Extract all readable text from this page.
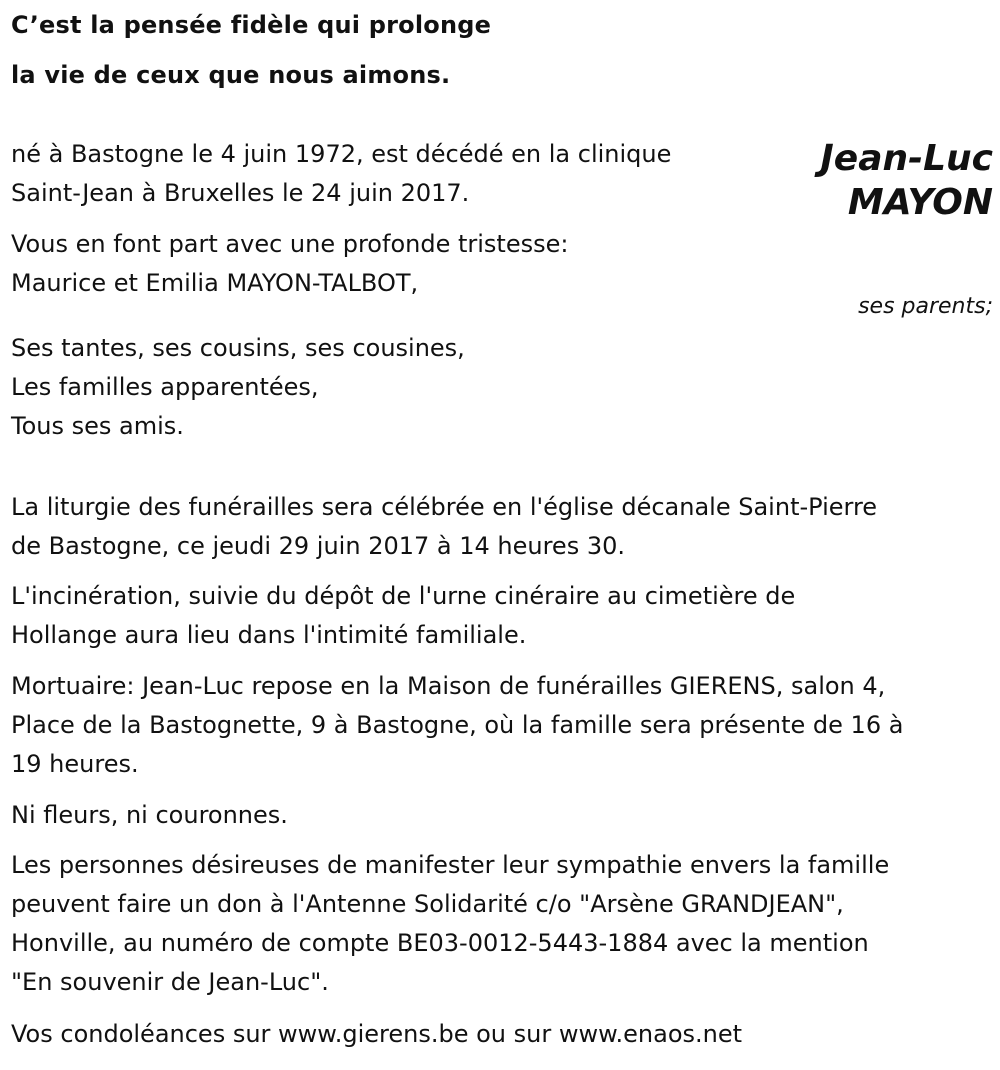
C’est la pensée fidèle qui prolonge
la vie de ceux que nous aimons.
Jean-Luc
MAYON
né à Bastogne le 4 juin 1972, est décédé en la clinique
Saint-Jean à Bruxelles le 24 juin 2017.
Vous en font part avec une profonde tristesse:
Maurice et Emilia MAYON-TALBOT,
ses parents;
Ses tantes, ses cousins, ses cousines,
Les familles apparentées,
Tous ses amis.
La liturgie des funérailles sera célébrée en l'église décanale Saint-Pierre
de Bastogne, ce jeudi 29 juin 2017 à 14 heures 30.
L'incinération, suivie du dépôt de l'urne cinéraire au cimetière de
Hollange aura lieu dans l'intimité familiale.
Mortuaire: Jean-Luc repose en la Maison de funérailles GIERENS, salon 4,
Place de la Bastognette, 9 à Bastogne, où la famille sera présente de 16 à
19 heures.
Ni fleurs, ni couronnes.
Les personnes désireuses de manifester leur sympathie envers la famille
peuvent faire un don à l'Antenne Solidarité c/o "Arsène GRANDJEAN",
Honville, au numéro de compte BE03-0012-5443-1884 avec la mention
"En souvenir de Jean-Luc".
Vos condoléances sur www.gierens.be ou sur www.enaos.net
